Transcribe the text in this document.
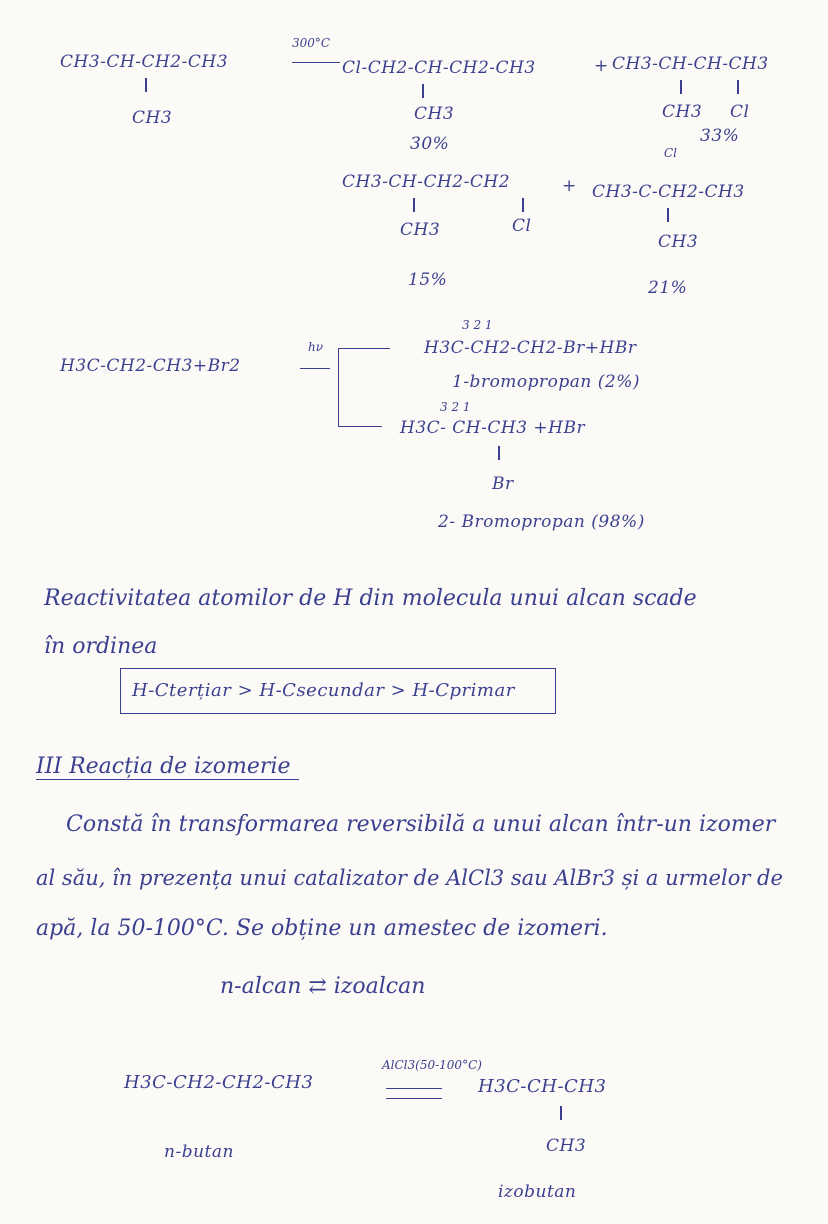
CH3-CH-CH2-CH3
CH3
300°C
Cl-CH2-CH-CH2-CH3
CH3
30%
+ CH3-CH-CH-CH3
CH3 Cl
33%
CH3-CH-CH2-CH2
CH3	Cl
15%
+
Cl
CH3-C-CH2-CH3
CH3
21%
H3C-CH2-CH3+Br2
hν
3 2 1
H3C-CH2-CH2-Br+HBr
1-bromopropan (2%)
3 2 1
H3C- CH-CH3 +HBr
Br
2- Bromopropan (98%)
Reactivitatea atomilor de H din molecula unui alcan scade
în ordinea
H-Cterțiar > H-Csecundar > H-Cprimar
III Reacția de izomerie
Constă în transformarea reversibilă a unui alcan într-un izomer
al său, în prezența unui catalizator de AlCl3 sau AlBr3 și a urmelor de
apă, la 50-100°C. Se obține un amestec de izomeri.
n-alcan ⇄ izoalcan
H3C-CH2-CH2-CH3
n-butan
AlCl3(50-100°C)
H3C-CH-CH3
CH3
izobutan
